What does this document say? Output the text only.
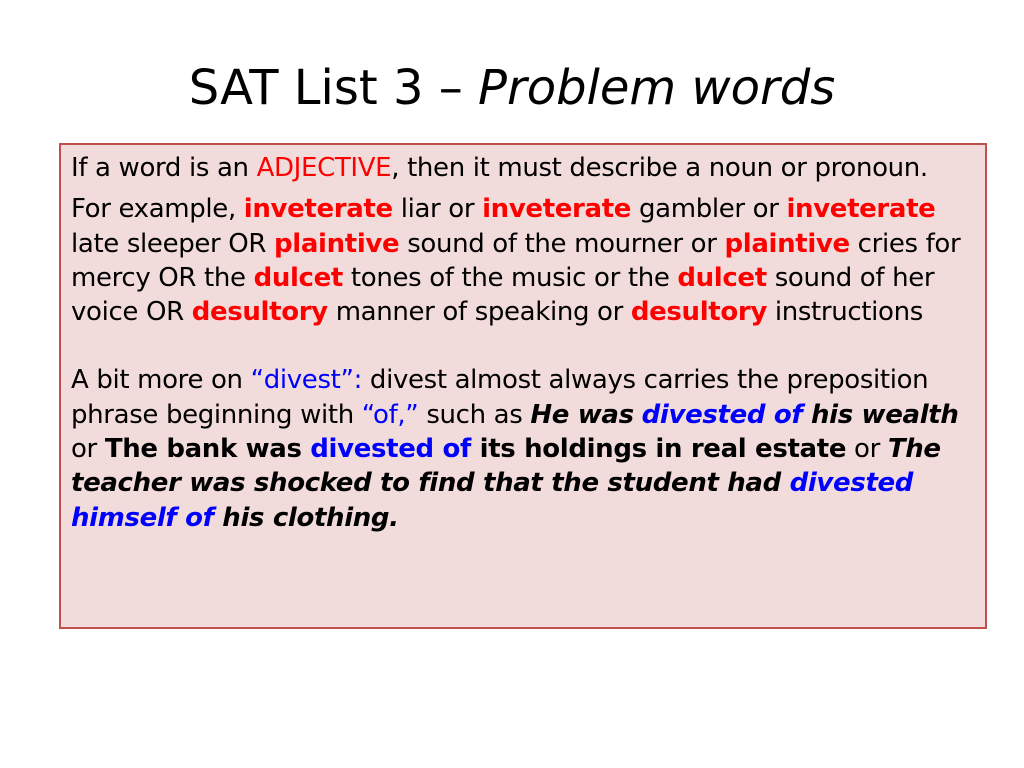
SAT List 3 – Problem words

If a word is an ADJECTIVE, then it must describe a noun or pronoun.

For example, inveterate liar or inveterate gambler or inveterate late sleeper OR plaintive sound of the mourner or plaintive cries for mercy OR the dulcet tones of the music or the dulcet sound of her voice OR desultory manner of speaking or desultory instructions

A bit more on “divest”: divest almost always carries the preposition phrase beginning with “of,” such as He was divested of his wealth or The bank was divested of its holdings in real estate or The teacher was shocked to find that the student had divested himself of his clothing.
